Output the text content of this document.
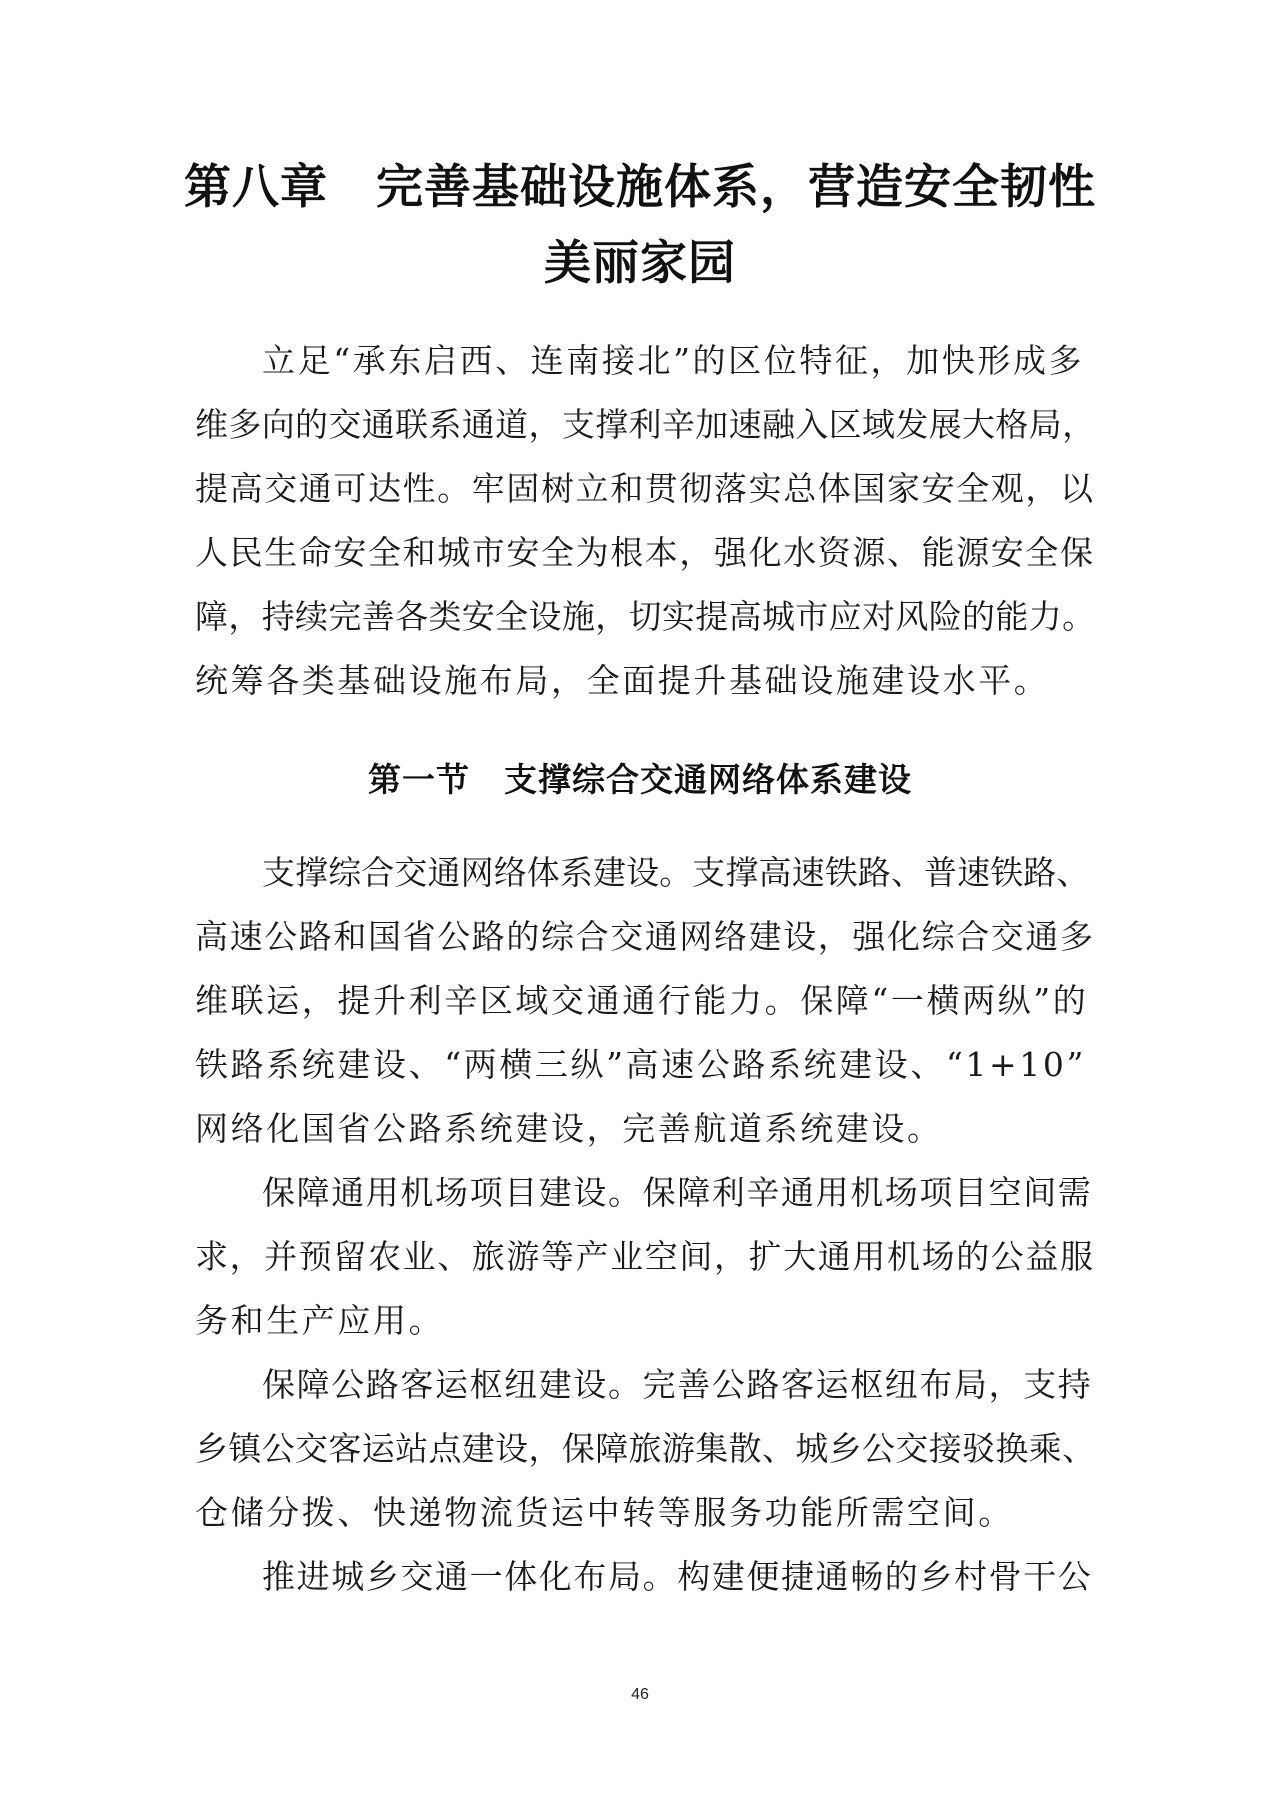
第八章　完善基础设施体系，营造安全韧性
美丽家园
立足“承东启西、连南接北”的区位特征，加快形成多
维多向的交通联系通道，支撑利辛加速融入区域发展大格局，
提高交通可达性。牢固树立和贯彻落实总体国家安全观，以
人民生命安全和城市安全为根本，强化水资源、能源安全保
障，持续完善各类安全设施，切实提高城市应对风险的能力。
统筹各类基础设施布局，全面提升基础设施建设水平。
第一节　支撑综合交通网络体系建设
支撑综合交通网络体系建设。支撑高速铁路、普速铁路、
高速公路和国省公路的综合交通网络建设，强化综合交通多
维联运，提升利辛区域交通通行能力。保障“一横两纵”的
铁路系统建设、“两横三纵”高速公路系统建设、“1+10”
网络化国省公路系统建设，完善航道系统建设。
保障通用机场项目建设。保障利辛通用机场项目空间需
求，并预留农业、旅游等产业空间，扩大通用机场的公益服
务和生产应用。
保障公路客运枢纽建设。完善公路客运枢纽布局，支持
乡镇公交客运站点建设，保障旅游集散、城乡公交接驳换乘、
仓储分拨、快递物流货运中转等服务功能所需空间。
推进城乡交通一体化布局。构建便捷通畅的乡村骨干公
46
